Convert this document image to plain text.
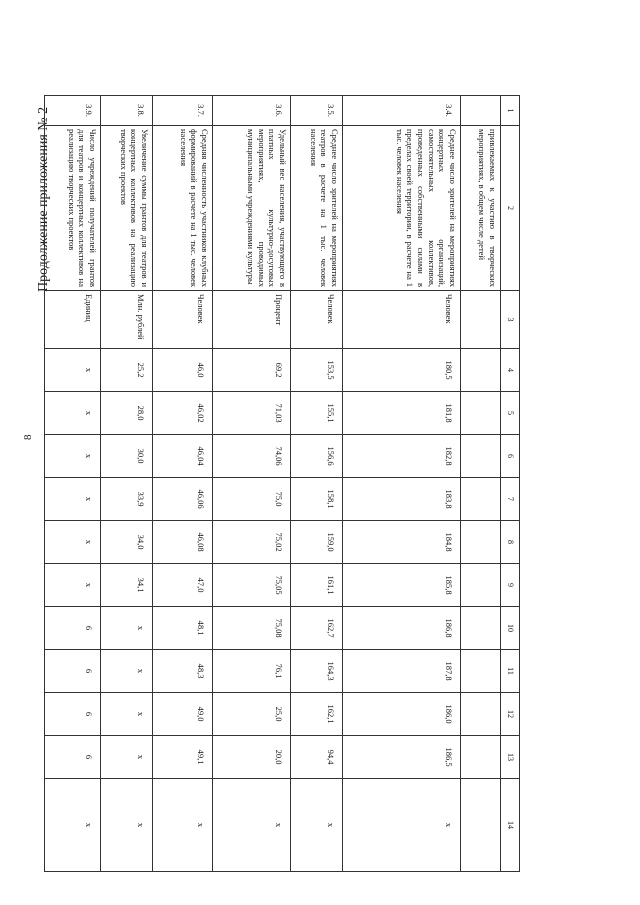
8
Продолжение приложения № 2	1	2	3	4	5	6	7	8	9	10	11	12	13	14
	привлекаемых к участию в творческих мероприятиях, в общем числе детей												
3.4.	Среднее число зрителей на мероприятиях концертных организаций, самостоятельных коллективов, проведенных собственными силами в пределах своей территории, в расчете на 1 тыс. человек населения	Человек	180,5	181,8	182,8	183,8	184,8	185,8	186,8	187,8	186,0	186,5	x
3.5.	Среднее число зрителей на мероприятиях театров в расчете на 1 тыс. человек населения	Человек	153,5	155,1	156,6	158,1	159,0	161,1	162,7	164,3	162,1	94,4	x
3.6.	Удельный вес населения, участвующего в платных культурно-досуговых мероприятиях, проводимых муниципальными учреждениями культуры	Процент	69,2	71,03	74,06	75,0	75,02	75,05	75,08	76,1	25,0	20,0	x
3.7.	Средняя численность участников клубных формирований в расчете на 1 тыс. человек населения	Человек	46,0	46,02	46,04	46,06	46,08	47,0	48,1	48,3	49,0	49,1	x
3.8.	Увеличение суммы грантов для театров и концертных коллективов на реализацию творческих проектов	Млн. рублей	25,2	28,0	30,0	33,9	34,0	34,1	x	x	x	x	x
3.9.	Число учреждений получателей грантов для театров и концертных коллективов на реализацию творческих проектов	Единиц	x	x	x	x	x	x	6	6	6	6	x
